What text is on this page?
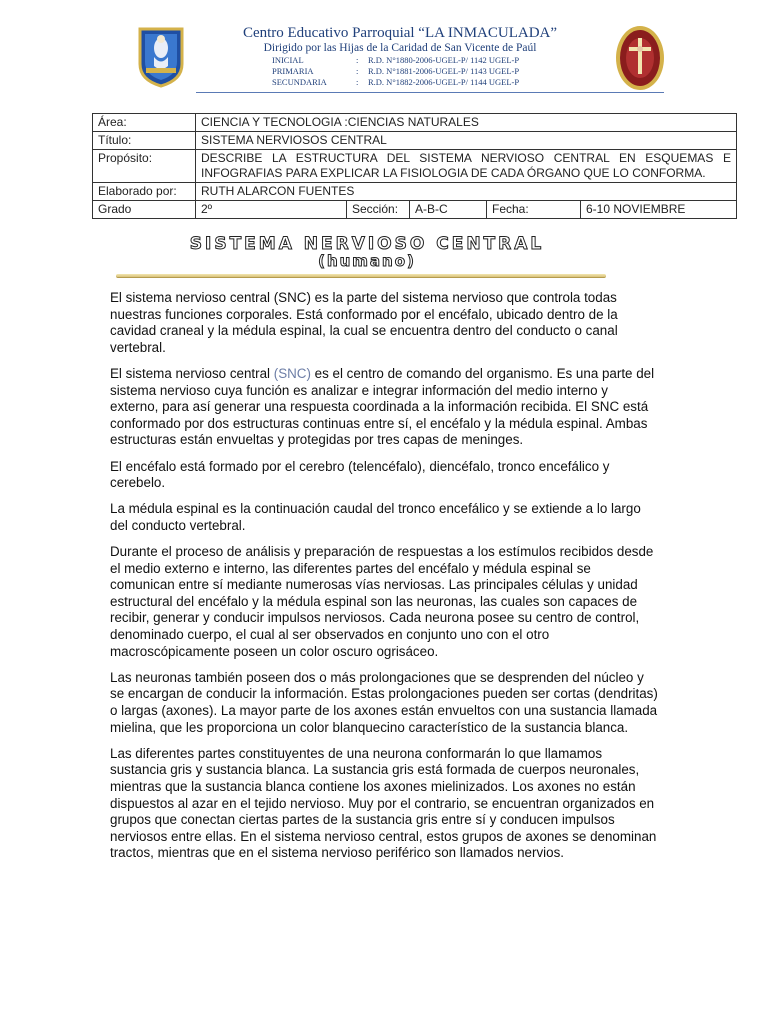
Centro Educativo Parroquial “LA INMACULADA”
Dirigido por las Hijas de la Caridad de San Vicente de Paúl
INICIAL	:	R.D. N°1880-2006-UGEL-P/ 1142 UGEL-P
PRIMARIA	:	R.D. N°1881-2006-UGEL-P/ 1143 UGEL-P
SECUNDARIA	:	R.D. N°1882-2006-UGEL-P/ 1144 UGEL-P
Área:	CIENCIA Y TECNOLOGIA :CIENCIAS NATURALES				
Título:	SISTEMA NERVIOSOS CENTRAL				
Propósito:	DESCRIBE LA ESTRUCTURA DEL SISTEMA NERVIOSO CENTRAL EN ESQUEMAS E INFOGRAFIAS PARA EXPLICAR LA FISIOLOGIA DE CADA ÓRGANO QUE LO CONFORMA.				
Elaborado por:	RUTH ALARCON FUENTES				
Grado	2º	Sección:	A-B-C	Fecha:	6-10 NOVIEMBRE
SISTEMA NERVIOSO CENTRAL
(humano)

El sistema nervioso central (SNC) es la parte del sistema nervioso que controla todas nuestras funciones corporales. Está conformado por el encéfalo, ubicado dentro de la cavidad craneal y la médula espinal, la cual se encuentra dentro del conducto o canal vertebral.

El sistema nervioso central (SNC) es el centro de comando del organismo. Es una parte del sistema nervioso cuya función es analizar e integrar información del medio interno y externo, para así generar una respuesta coordinada a la información recibida. El SNC está conformado por dos estructuras continuas entre sí, el encéfalo y la médula espinal. Ambas estructuras están envueltas y protegidas por tres capas de meninges.

El encéfalo está formado por el cerebro (telencéfalo), diencéfalo, tronco encefálico y cerebelo.

La médula espinal es la continuación caudal del tronco encefálico y se extiende a lo largo del conducto vertebral.

Durante el proceso de análisis y preparación de respuestas a los estímulos recibidos desde el medio externo e interno, las diferentes partes del encéfalo y médula espinal se comunican entre sí mediante numerosas vías nerviosas. Las principales células y unidad estructural del encéfalo y la médula espinal son las neuronas, las cuales son capaces de recibir, generar y conducir impulsos nerviosos. Cada neurona posee su centro de control, denominado cuerpo, el cual al ser observados en conjunto uno con el otro macroscópicamente poseen un color oscuro ogrisáceo.

Las neuronas también poseen dos o más prolongaciones que se desprenden del núcleo y se encargan de conducir la información. Estas prolongaciones pueden ser cortas (dendritas) o largas (axones). La mayor parte de los axones están envueltos con una sustancia llamada mielina, que les proporciona un color blanquecino característico de la sustancia blanca.

Las diferentes partes constituyentes de una neurona conformarán lo que llamamos sustancia gris y sustancia blanca. La sustancia gris está formada de cuerpos neuronales, mientras que la sustancia blanca contiene los axones mielinizados. Los axones no están dispuestos al azar en el tejido nervioso. Muy por el contrario, se encuentran organizados en grupos que conectan ciertas partes de la sustancia gris entre sí y conducen impulsos nerviosos entre ellas. En el sistema nervioso central, estos grupos de axones se denominan tractos, mientras que en el sistema nervioso periférico son llamados nervios.
